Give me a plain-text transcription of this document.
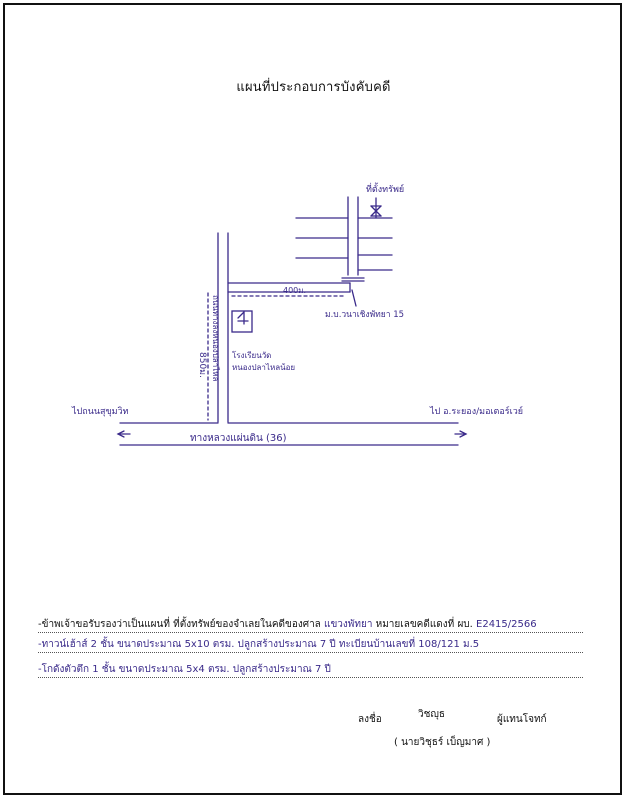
แผนที่ประกอบการบังคับคดี
ที่ตั้งทรัพย์
400ม.
ม.บ.วนาเชิงพัทยา 15
ถนนทางลงหนองปลาไหล
850ม.	โรงเรียนวัด
หนองปลาไหลน้อย
ทางหลวงแผ่นดิน (36)
ไปถนนสุขุมวิท	ไป อ.ระยอง/มอเตอร์เวย์
-ข้าพเจ้าขอรับรองว่าเป็นแผนที่ ที่ตั้งทรัพย์ของจำเลยในคดีของศาล แขวงพัทยา หมายเลขคดีแดงที่ ผบ. E2415/2566
-ทาวน์เฮ้าส์ 2 ชั้น ขนาดประมาณ 5x10 ตรม. ปลูกสร้างประมาณ 7 ปี ทะเบียนบ้านเลขที่ 108/121 ม.5
-โกดังตัวตึก 1 ชั้น ขนาดประมาณ 5x4 ตรม. ปลูกสร้างประมาณ 7 ปี
ลงชื่อ	วิชญุธ	ผู้แทนโจทก์
( นายวิชุธร์ เบ็ญมาศ )
